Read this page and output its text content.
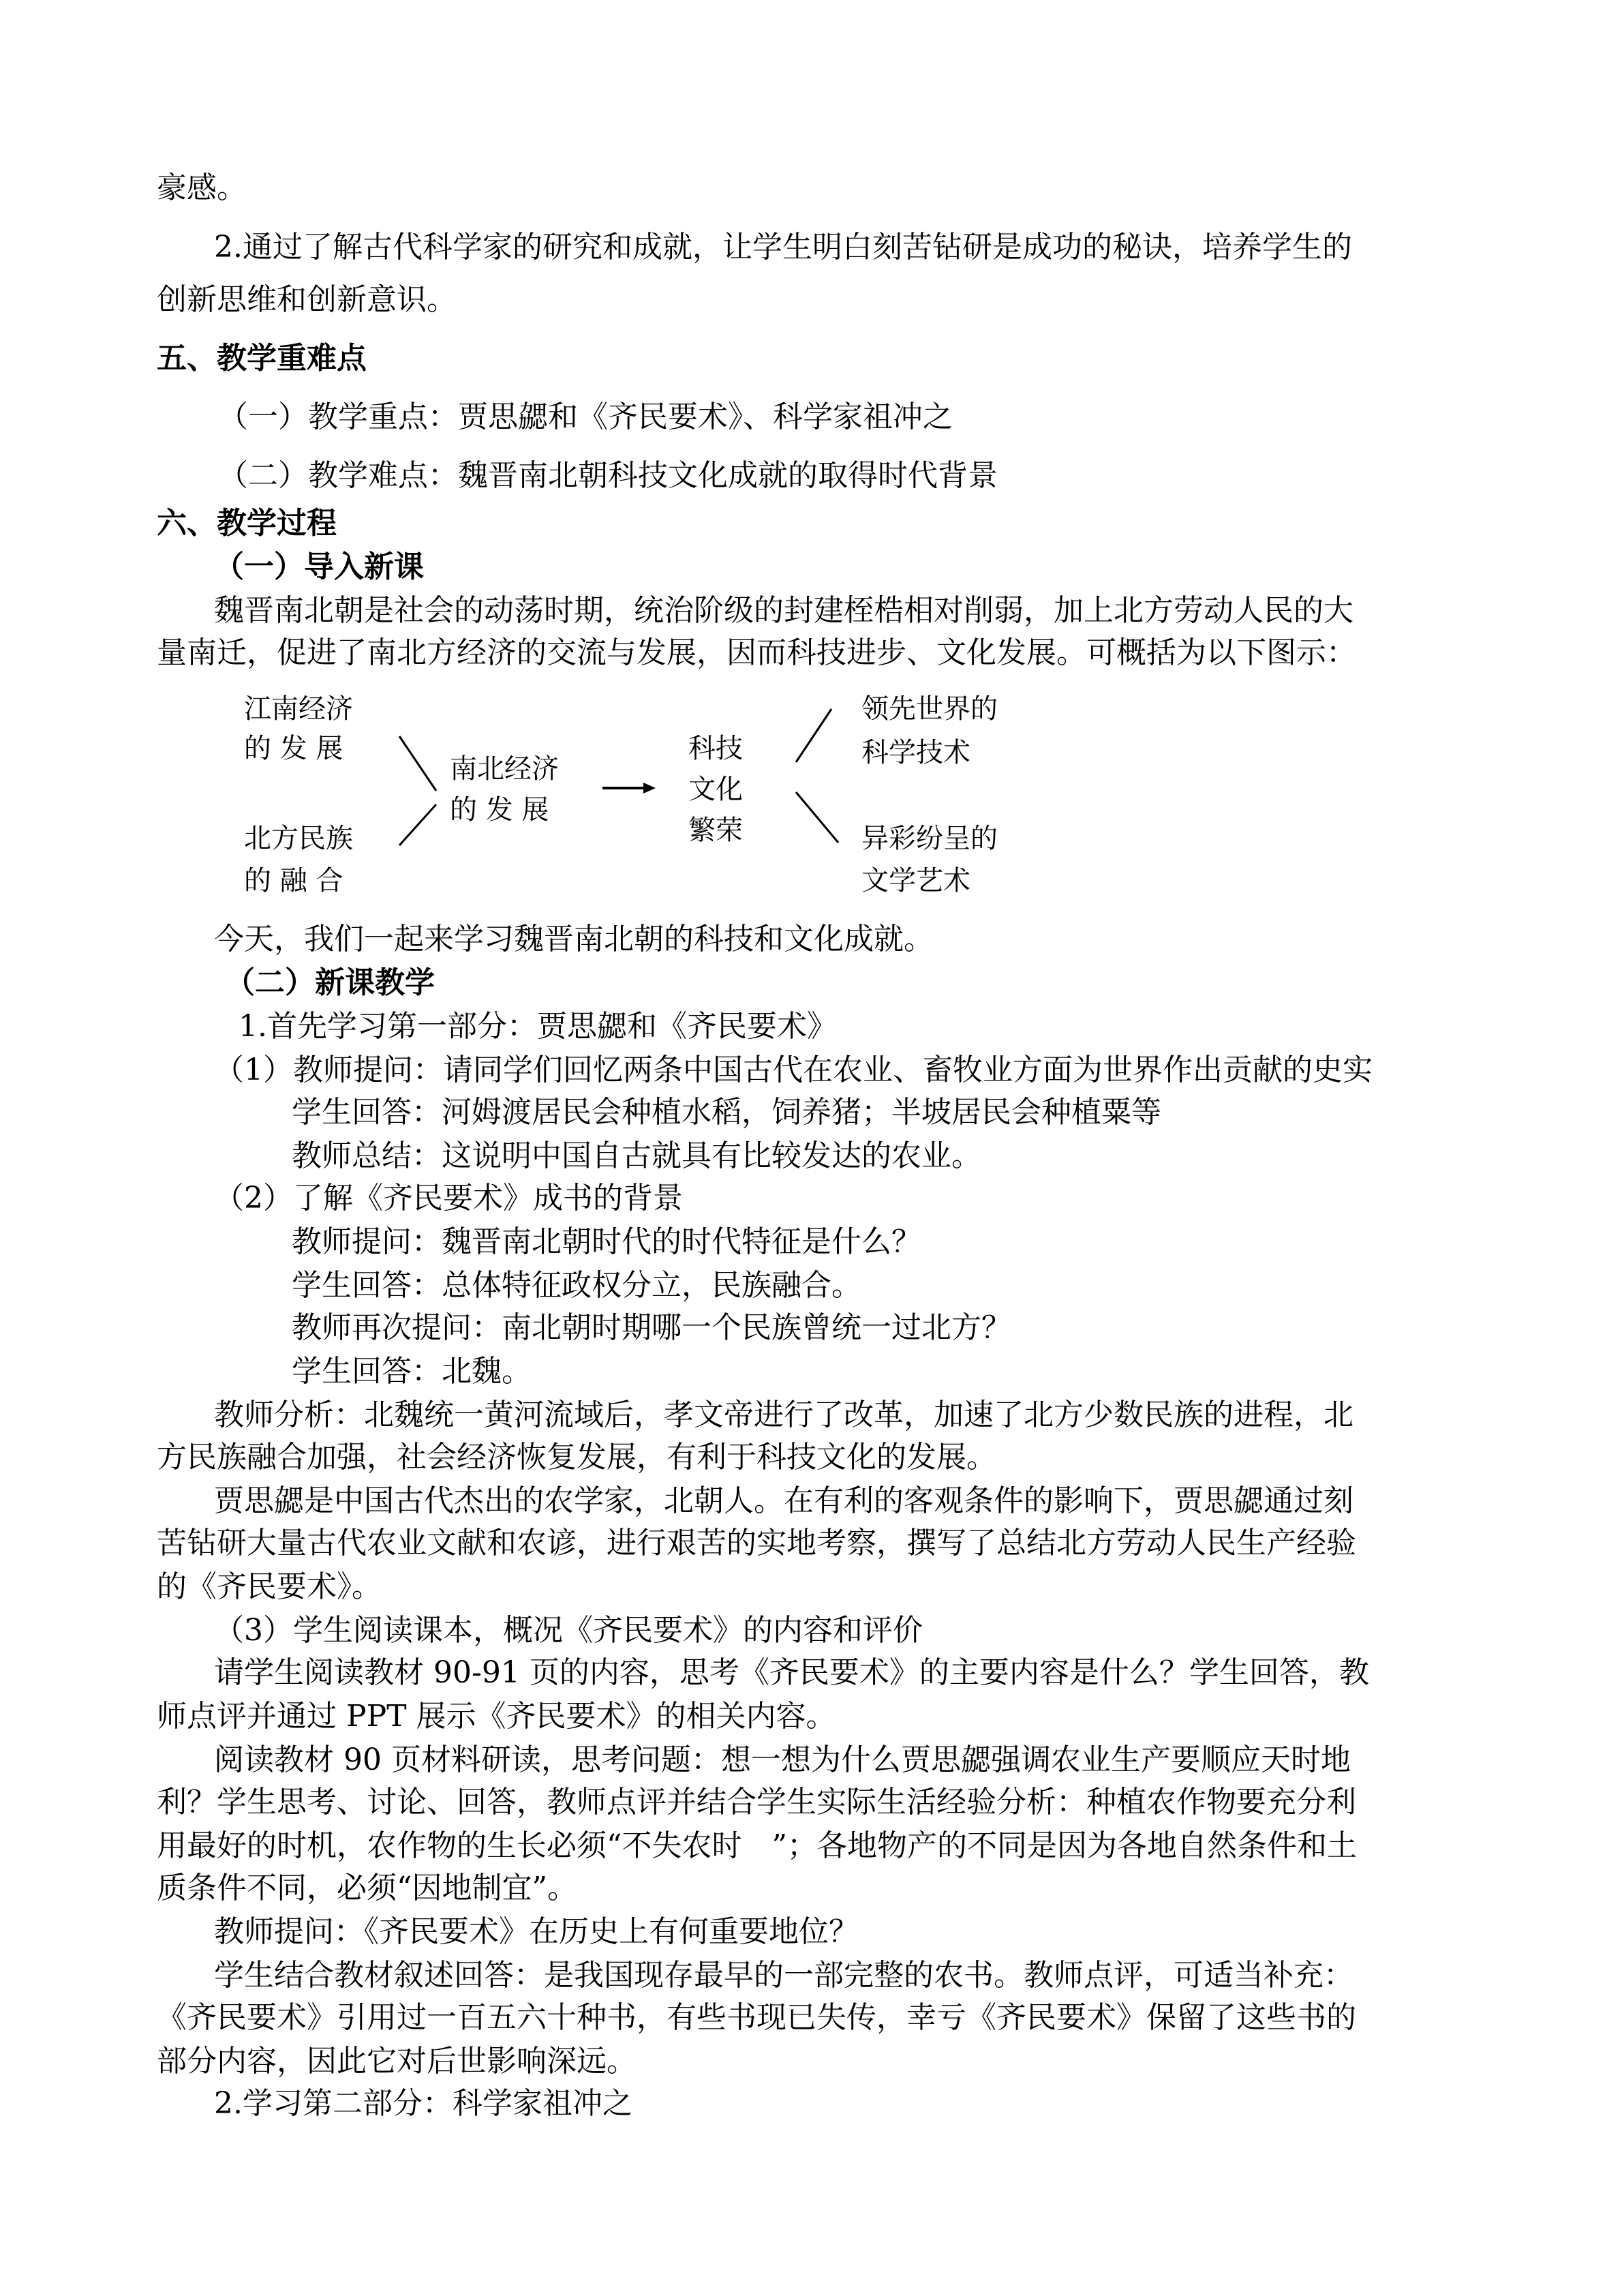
豪感。
2.通过了解古代科学家的研究和成就，让学生明白刻苦钻研是成功的秘诀，培养学生的
创新思维和创新意识。
五、教学重难点
（一）教学重点：贾思勰和《齐民要术》、科学家祖冲之
（二）教学难点：魏晋南北朝科技文化成就的取得时代背景
六、教学过程
（一）导入新课
魏晋南北朝是社会的动荡时期，统治阶级的封建桎梏相对削弱，加上北方劳动人民的大
量南迁，促进了南北方经济的交流与发展，因而科技进步、文化发展。可概括为以下图示：
江南经济
的 发 展
北方民族
的 融 合
南北经济
的 发 展
科技
文化
繁荣
领先世界的
科学技术
异彩纷呈的
文学艺术
今天，我们一起来学习魏晋南北朝的科技和文化成就。
（二）新课教学
1.首先学习第一部分：贾思勰和《齐民要术》
（1）教师提问：请同学们回忆两条中国古代在农业、畜牧业方面为世界作出贡献的史实
学生回答：河姆渡居民会种植水稻，饲养猪；半坡居民会种植粟等
教师总结：这说明中国自古就具有比较发达的农业。
（2）了解《齐民要术》成书的背景
教师提问：魏晋南北朝时代的时代特征是什么？
学生回答：总体特征政权分立，民族融合。
教师再次提问：南北朝时期哪一个民族曾统一过北方？
学生回答：北魏。
教师分析：北魏统一黄河流域后，孝文帝进行了改革，加速了北方少数民族的进程，北
方民族融合加强，社会经济恢复发展，有利于科技文化的发展。
贾思勰是中国古代杰出的农学家，北朝人。在有利的客观条件的影响下，贾思勰通过刻
苦钻研大量古代农业文献和农谚，进行艰苦的实地考察，撰写了总结北方劳动人民生产经验
的《齐民要术》。
（3）学生阅读课本，概况《齐民要术》的内容和评价
请学生阅读教材 90-91 页的内容，思考《齐民要术》的主要内容是什么？学生回答，教
师点评并通过 PPT 展示《齐民要术》的相关内容。
阅读教材 90 页材料研读，思考问题：想一想为什么贾思勰强调农业生产要顺应天时地
利？学生思考、讨论、回答，教师点评并结合学生实际生活经验分析：种植农作物要充分利
用最好的时机，农作物的生长必须“不失农时　”；各地物产的不同是因为各地自然条件和土
质条件不同，必须“因地制宜”。
教师提问：《齐民要术》在历史上有何重要地位？
学生结合教材叙述回答：是我国现存最早的一部完整的农书。教师点评，可适当补充：
《齐民要术》引用过一百五六十种书，有些书现已失传，幸亏《齐民要术》保留了这些书的
部分内容，因此它对后世影响深远。
2.学习第二部分：科学家祖冲之
